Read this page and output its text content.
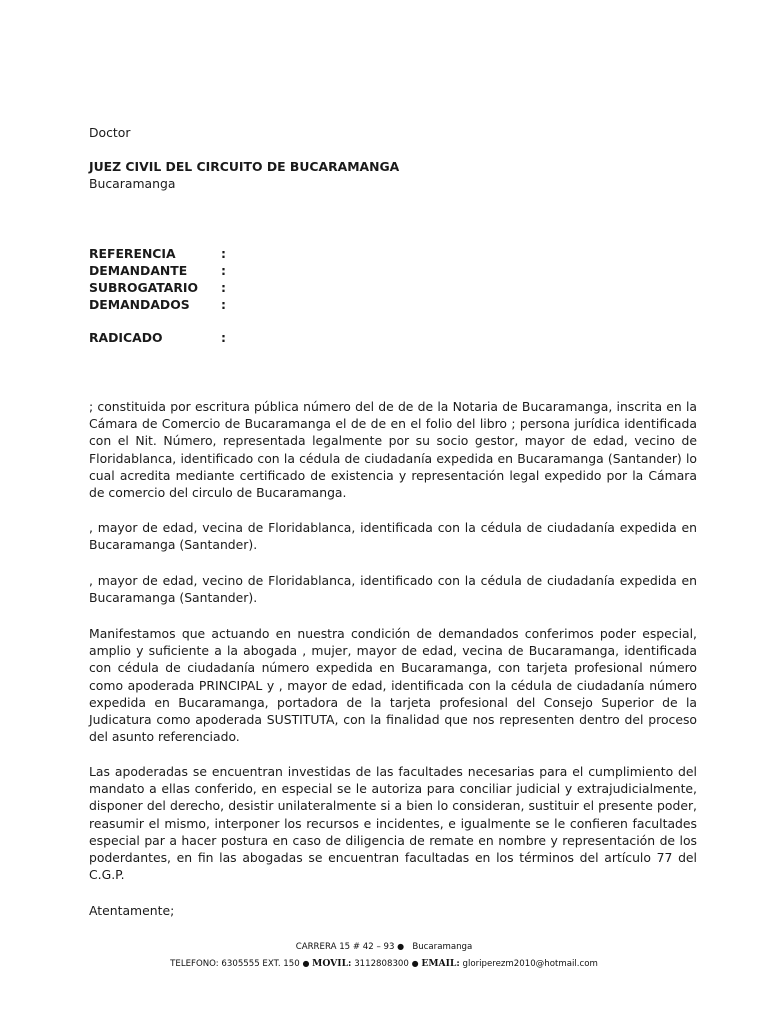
Doctor
JUEZ CIVIL DEL CIRCUITO DE BUCARAMANGA
Bucaramanga
REFERENCIA	:
DEMANDANTE	:
SUBROGATARIO :
DEMANDADOS	:
RADICADO	:

; constituida por escritura pública número del de de de la Notaria de Bucaramanga, inscrita en la Cámara de Comercio de Bucaramanga el de de en el folio del libro ; persona jurídica identificada con el Nit. Número, representada legalmente por su socio gestor, mayor de edad, vecino de Floridablanca, identificado con la cédula de ciudadanía expedida en Bucaramanga (Santander) lo cual acredita mediante certificado de existencia y representación legal expedido por la Cámara de comercio del circulo de Bucaramanga.

, mayor de edad, vecina de Floridablanca, identificada con la cédula de ciudadanía expedida en Bucaramanga (Santander).

, mayor de edad, vecino de Floridablanca, identificado con la cédula de ciudadanía expedida en Bucaramanga (Santander).

Manifestamos que actuando en nuestra condición de demandados conferimos poder especial, amplio y suficiente a la abogada , mujer, mayor de edad, vecina de Bucaramanga, identificada con cédula de ciudadanía número expedida en Bucaramanga, con tarjeta profesional número como apoderada PRINCIPAL y , mayor de edad, identificada con la cédula de ciudadanía número expedida en Bucaramanga, portadora de la tarjeta profesional del Consejo Superior de la Judicatura como apoderada SUSTITUTA, con la finalidad que nos representen dentro del proceso del asunto referenciado.

Las apoderadas se encuentran investidas de las facultades necesarias para el cumplimiento del mandato a ellas conferido, en especial se le autoriza para conciliar judicial y extrajudicialmente, disponer del derecho, desistir unilateralmente si a bien lo consideran, sustituir el presente poder, reasumir el mismo, interponer los recursos e incidentes, e igualmente se le confieren facultades especial par a hacer postura en caso de diligencia de remate en nombre y representación de los poderdantes, en fin las abogadas se encuentran facultadas en los términos del artículo 77 del C.G.P.

Atentamente;
CARRERA 15 # 42 – 93 ● Bucaramanga
TELEFONO: 6305555 EXT. 150 ● MOVIL: 3112808300 ● EMAIL: gloriperezm2010@hotmail.com
